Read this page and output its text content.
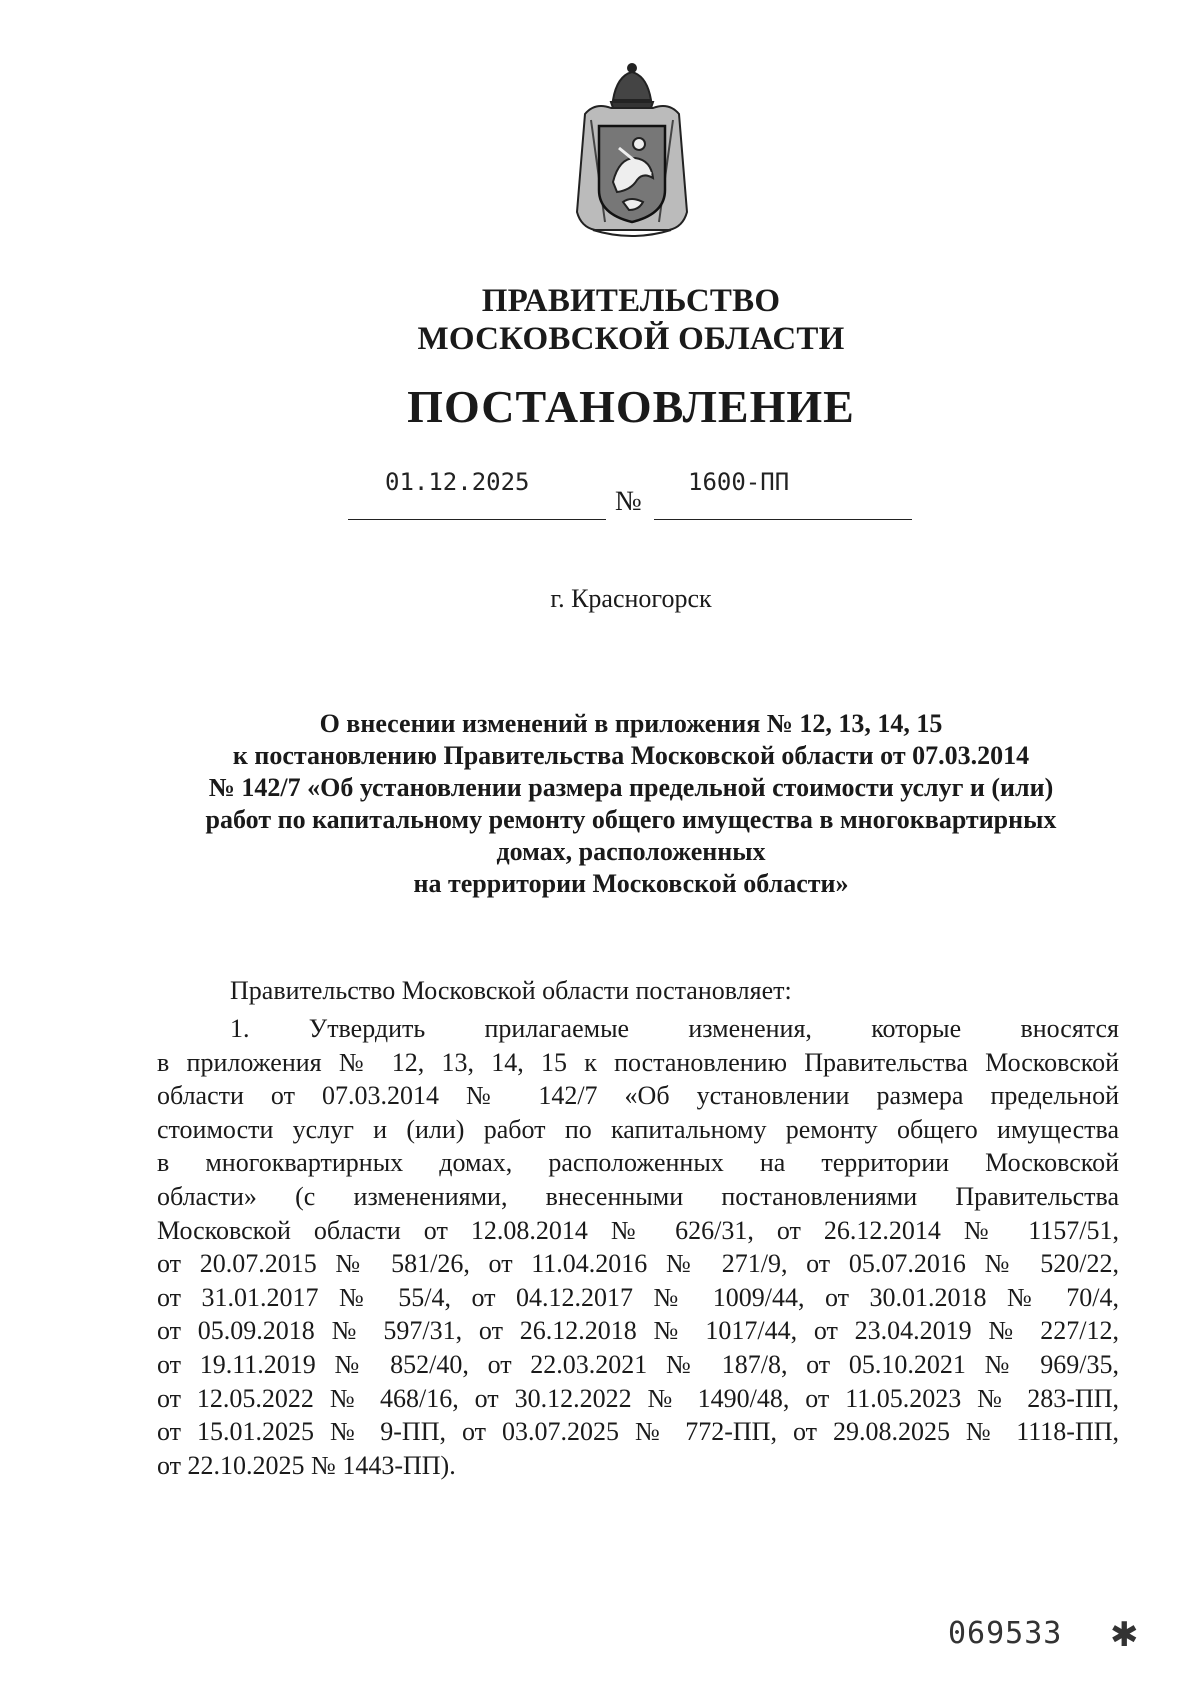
ПРАВИТЕЛЬСТВО
МОСКОВСКОЙ ОБЛАСТИ
ПОСТАНОВЛЕНИЕ
01.12.2025
№
1600-ПП
г. Красногорск
О внесении изменений в приложения № 12, 13, 14, 15
к постановлению Правительства Московской области от 07.03.2014
№ 142/7 «Об установлении размера предельной стоимости услуг и (или)
работ по капитальному ремонту общего имущества в многоквартирных
домах, расположенных
на территории Московской области»
Правительство Московской области постановляет:
1. Утвердить прилагаемые изменения, которые вносятся
в приложения № 12, 13, 14, 15 к постановлению Правительства Московской
области от 07.03.2014 № 142/7 «Об установлении размера предельной
стоимости услуг и (или) работ по капитальному ремонту общего имущества
в многоквартирных домах, расположенных на территории Московской
области» (с изменениями, внесенными постановлениями Правительства
Московской области от 12.08.2014 № 626/31, от 26.12.2014 № 1157/51,
от 20.07.2015 № 581/26, от 11.04.2016 № 271/9, от 05.07.2016 № 520/22,
от 31.01.2017 № 55/4, от 04.12.2017 № 1009/44, от 30.01.2018 № 70/4,
от 05.09.2018 № 597/31, от 26.12.2018 № 1017/44, от 23.04.2019 № 227/12,
от 19.11.2019 № 852/40, от 22.03.2021 № 187/8, от 05.10.2021 № 969/35,
от 12.05.2022 № 468/16, от 30.12.2022 № 1490/48, от 11.05.2023 № 283-ПП,
от 15.01.2025 № 9-ПП, от 03.07.2025 № 772-ПП, от 29.08.2025 № 1118-ПП,
от 22.10.2025 № 1443-ПП).
069533 ✱
